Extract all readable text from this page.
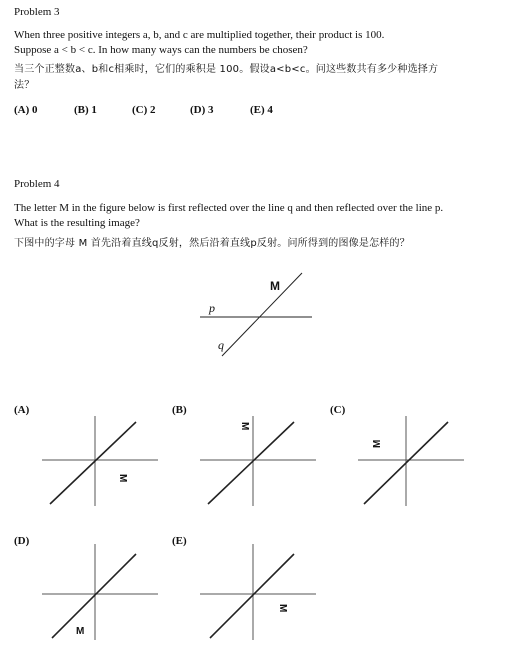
Problem 3
When three positive integers a, b, and c are multiplied together, their product is 100.
Suppose a < b < c. In how many ways can the numbers be chosen?
当三个正整数a、b和c相乘时，它们的乘积是 100。假设a<b<c。问这些数共有多少种选择方
法？
(A) 0	(B) 1	(C) 2	(D) 3	(E) 4
Problem 4
The letter M in the figure below is first reflected over the line q and then reflected over the line p.
What is the resulting image?
下图中的字母 M 首先沿着直线q反射，然后沿着直线p反射。问所得到的图像是怎样的？
M
p
q
(A)
M
(B)
M
(C)
M
(D)
M
(E)
M
